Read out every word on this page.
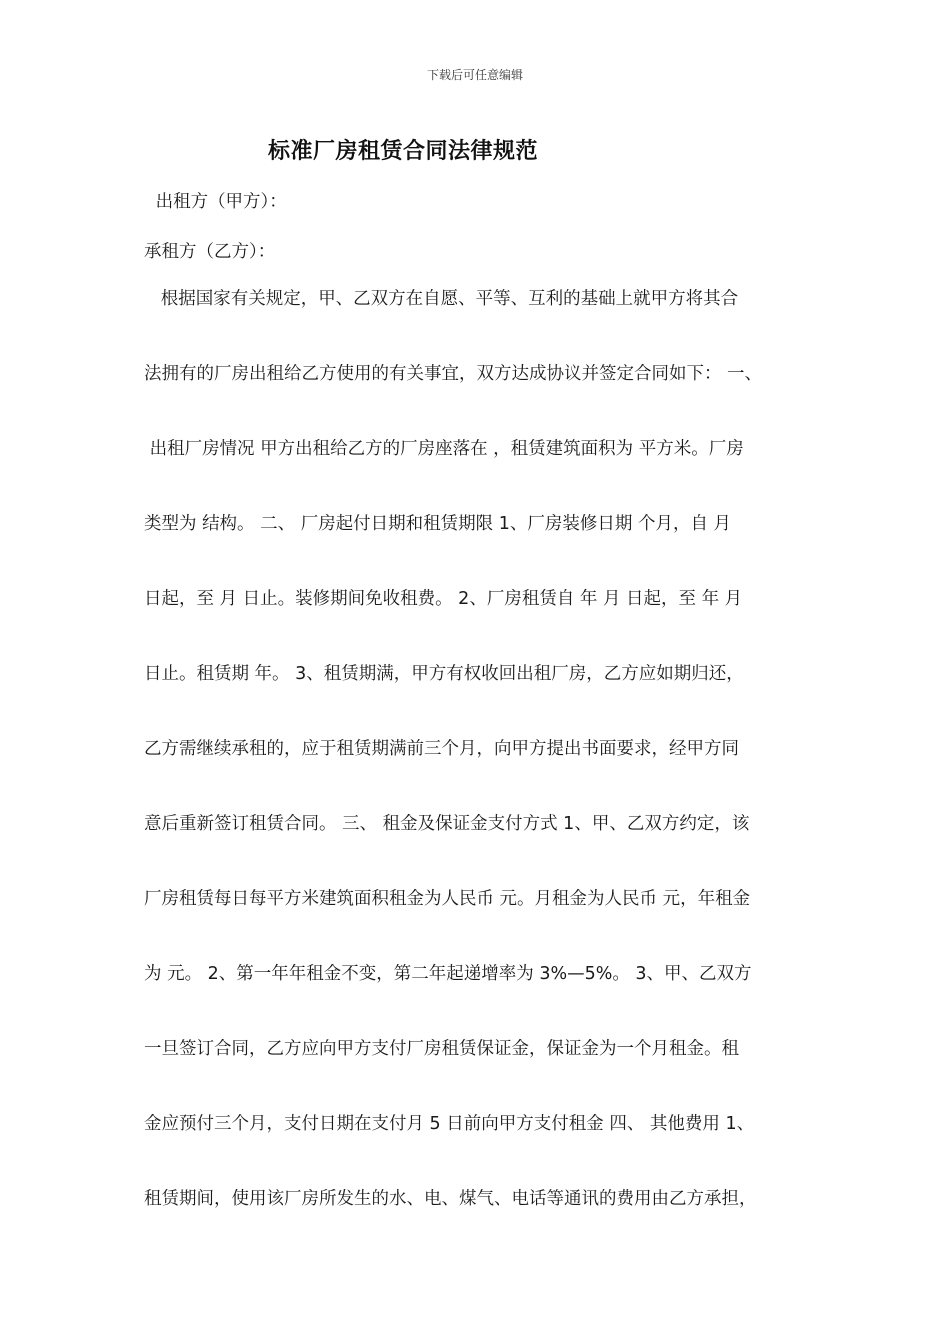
下载后可任意编辑
标准厂房租赁合同法律规范
出租方（甲方）：
承租方（乙方）：
根据国家有关规定，甲、乙双方在自愿、平等、互利的基础上就甲方将其合
法拥有的厂房出租给乙方使用的有关事宜，双方达成协议并签定合同如下： 一、
出租厂房情况 甲方出租给乙方的厂房座落在 ，租赁建筑面积为 平方米。厂房
类型为 结构。 二、 厂房起付日期和租赁期限 1、厂房装修日期 个月，自 月
日起，至 月 日止。装修期间免收租费。 2、厂房租赁自 年 月 日起，至 年 月
日止。租赁期 年。 3、租赁期满，甲方有权收回出租厂房，乙方应如期归还，
乙方需继续承租的，应于租赁期满前三个月，向甲方提出书面要求，经甲方同
意后重新签订租赁合同。 三、 租金及保证金支付方式 1、甲、乙双方约定，该
厂房租赁每日每平方米建筑面积租金为人民币 元。月租金为人民币 元，年租金
为 元。 2、第一年年租金不变，第二年起递增率为 3%—5%。 3、甲、乙双方
一旦签订合同，乙方应向甲方支付厂房租赁保证金，保证金为一个月租金。租
金应预付三个月，支付日期在支付月 5 日前向甲方支付租金 四、 其他费用 1、
租赁期间，使用该厂房所发生的水、电、煤气、电话等通讯的费用由乙方承担，
